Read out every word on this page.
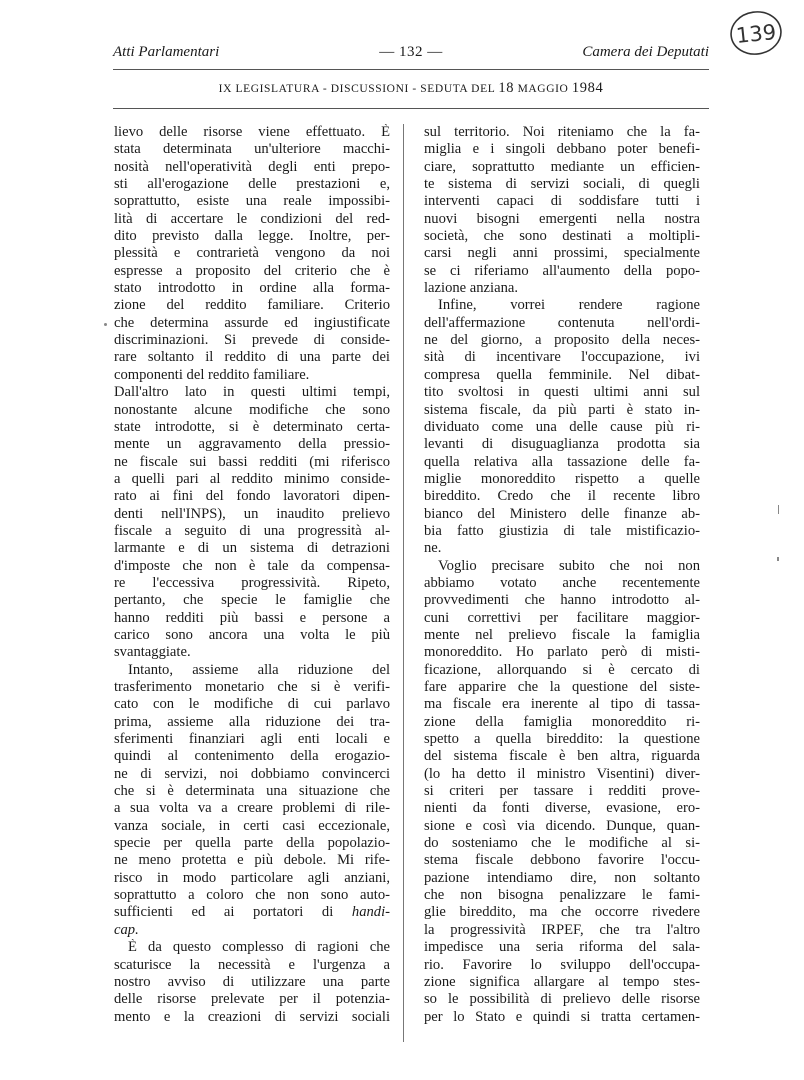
Atti Parlamentari	— 132 —	Camera dei Deputati
IX LEGISLATURA - DISCUSSIONI - SEDUTA DEL 18 MAGGIO 1984
139
lievo delle risorse viene effettuato. È
stata determinata un'ulteriore macchi-
nosità nell'operatività degli enti prepo-
sti all'erogazione delle prestazioni e,
soprattutto, esiste una reale impossibi-
lità di accertare le condizioni del red-
dito previsto dalla legge. Inoltre, per-
plessità e contrarietà vengono da noi
espresse a proposito del criterio che è
stato introdotto in ordine alla forma-
zione del reddito familiare. Criterio
che determina assurde ed ingiustificate
discriminazioni. Si prevede di conside-
rare soltanto il reddito di una parte dei
componenti del reddito familiare.
Dall'altro lato in questi ultimi tempi,
nonostante alcune modifiche che sono
state introdotte, si è determinato certa-
mente un aggravamento della pressio-
ne fiscale sui bassi redditi (mi riferisco
a quelli pari al reddito minimo conside-
rato ai fini del fondo lavoratori dipen-
denti nell'INPS), un inaudito prelievo
fiscale a seguito di una progressità al-
larmante e di un sistema di detrazioni
d'imposte che non è tale da compensa-
re l'eccessiva progressività. Ripeto,
pertanto, che specie le famiglie che
hanno redditi più bassi e persone a
carico sono ancora una volta le più
svantaggiate.
Intanto, assieme alla riduzione del
trasferimento monetario che si è verifi-
cato con le modifiche di cui parlavo
prima, assieme alla riduzione dei tra-
sferimenti finanziari agli enti locali e
quindi al contenimento della erogazio-
ne di servizi, noi dobbiamo convincerci
che si è determinata una situazione che
a sua volta va a creare problemi di rile-
vanza sociale, in certi casi eccezionale,
specie per quella parte della popolazio-
ne meno protetta e più debole. Mi rife-
risco in modo particolare agli anziani,
soprattutto a coloro che non sono auto-
sufficienti ed ai portatori di handi-
cap.
È da questo complesso di ragioni che
scaturisce la necessità e l'urgenza a
nostro avviso di utilizzare una parte
delle risorse prelevate per il potenzia-
mento e la creazioni di servizi sociali
sul territorio. Noi riteniamo che la fa-
miglia e i singoli debbano poter benefi-
ciare, soprattutto mediante un efficien-
te sistema di servizi sociali, di quegli
interventi capaci di soddisfare tutti i
nuovi bisogni emergenti nella nostra
società, che sono destinati a moltipli-
carsi negli anni prossimi, specialmente
se ci riferiamo all'aumento della popo-
lazione anziana.
Infine, vorrei rendere ragione
dell'affermazione contenuta nell'ordi-
ne del giorno, a proposito della neces-
sità di incentivare l'occupazione, ivi
compresa quella femminile. Nel dibat-
tito svoltosi in questi ultimi anni sul
sistema fiscale, da più parti è stato in-
dividuato come una delle cause più ri-
levanti di disuguaglianza prodotta sia
quella relativa alla tassazione delle fa-
miglie monoreddito rispetto a quelle
bireddito. Credo che il recente libro
bianco del Ministero delle finanze ab-
bia fatto giustizia di tale mistificazio-
ne.
Voglio precisare subito che noi non
abbiamo votato anche recentemente
provvedimenti che hanno introdotto al-
cuni correttivi per facilitare maggior-
mente nel prelievo fiscale la famiglia
monoreddito. Ho parlato però di misti-
ficazione, allorquando si è cercato di
fare apparire che la questione del siste-
ma fiscale era inerente al tipo di tassa-
zione della famiglia monoreddito ri-
spetto a quella bireddito: la questione
del sistema fiscale è ben altra, riguarda
(lo ha detto il ministro Visentini) diver-
si criteri per tassare i redditi prove-
nienti da fonti diverse, evasione, ero-
sione e così via dicendo. Dunque, quan-
do sosteniamo che le modifiche al si-
stema fiscale debbono favorire l'occu-
pazione intendiamo dire, non soltanto
che non bisogna penalizzare le fami-
glie bireddito, ma che occorre rivedere
la progressività IRPEF, che tra l'altro
impedisce una seria riforma del sala-
rio. Favorire lo sviluppo dell'occupa-
zione significa allargare al tempo stes-
so le possibilità di prelievo delle risorse
per lo Stato e quindi si tratta certamen-
